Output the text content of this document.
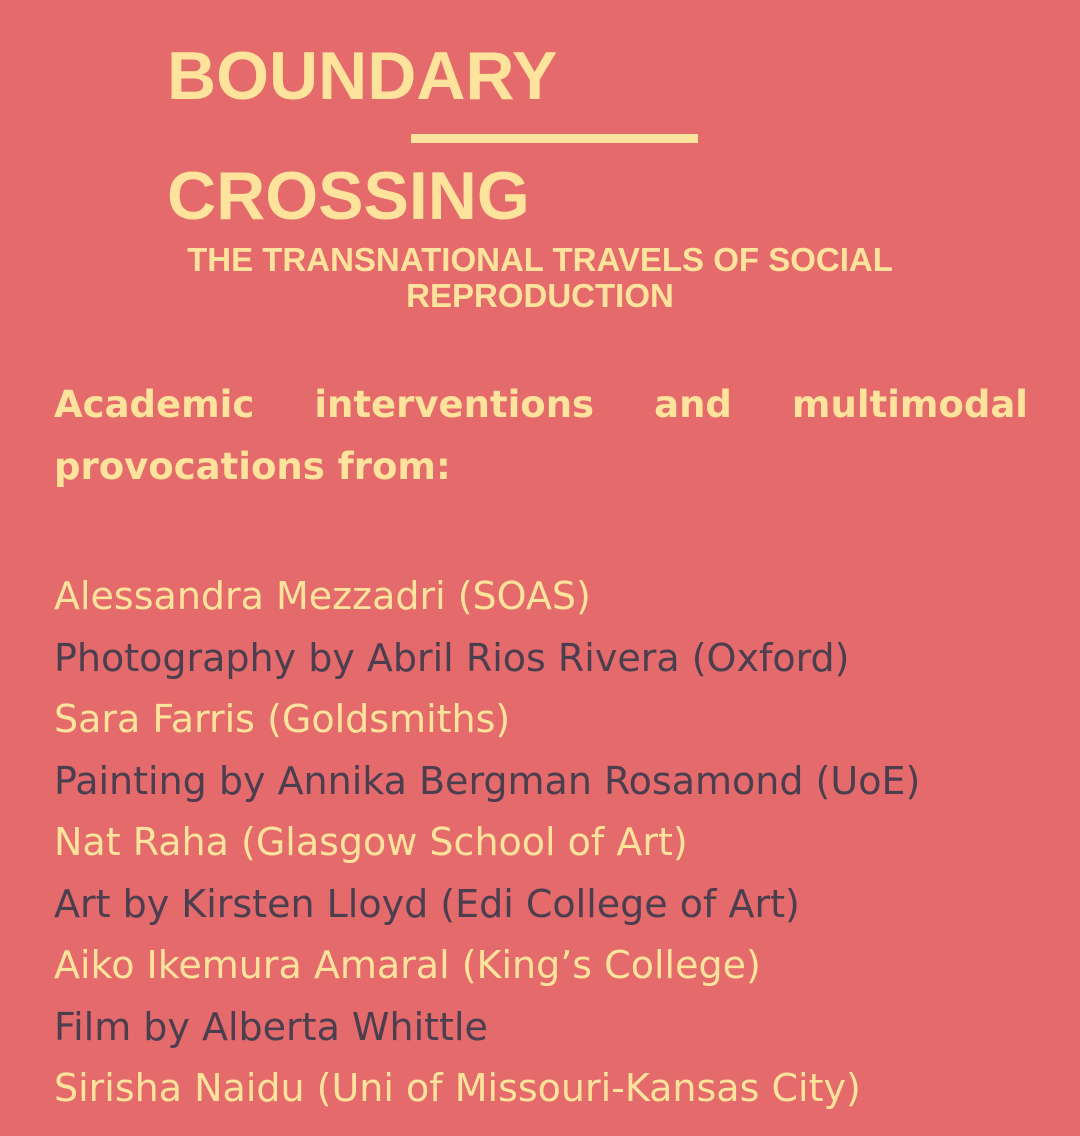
BOUNDARY
CROSSING
THE TRANSNATIONAL TRAVELS OF SOCIAL REPRODUCTION
Academic interventions and multimodal provocations from:
Alessandra Mezzadri (SOAS)
Photography by Abril Rios Rivera (Oxford)
Sara Farris (Goldsmiths)
Painting by Annika Bergman Rosamond (UoE)
Nat Raha (Glasgow School of Art)
Art by Kirsten Lloyd (Edi College of Art)
Aiko Ikemura Amaral (King’s College)
Film by Alberta Whittle
Sirisha Naidu (Uni of Missouri-Kansas City)
